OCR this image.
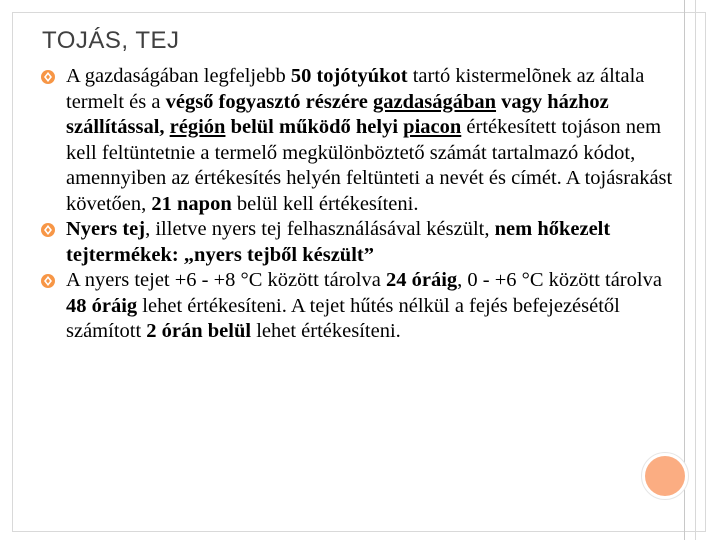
TOJÁS, TEJ
A gazdaságában legfeljebb 50 tojótyúkot tartó kistermelõnek az általa termelt és a végső fogyasztó részére gazdaságában vagy házhoz szállítással, régión belül működő helyi piacon értékesített tojáson nem kell feltüntetnie a termelő megkülönböztető számát tartalmazó kódot, amennyiben az értékesítés helyén feltünteti a nevét és címét. A tojásrakást követően, 21 napon belül kell értékesíteni.
Nyers tej, illetve nyers tej felhasználásával készült, nem hőkezelt tejtermékek: „nyers tejből készült”
A nyers tejet +6 - +8 °C között tárolva 24 óráig, 0 - +6 °C között tárolva 48 óráig lehet értékesíteni. A tejet hűtés nélkül a fejés befejezésétől számított 2 órán belül lehet értékesíteni.
